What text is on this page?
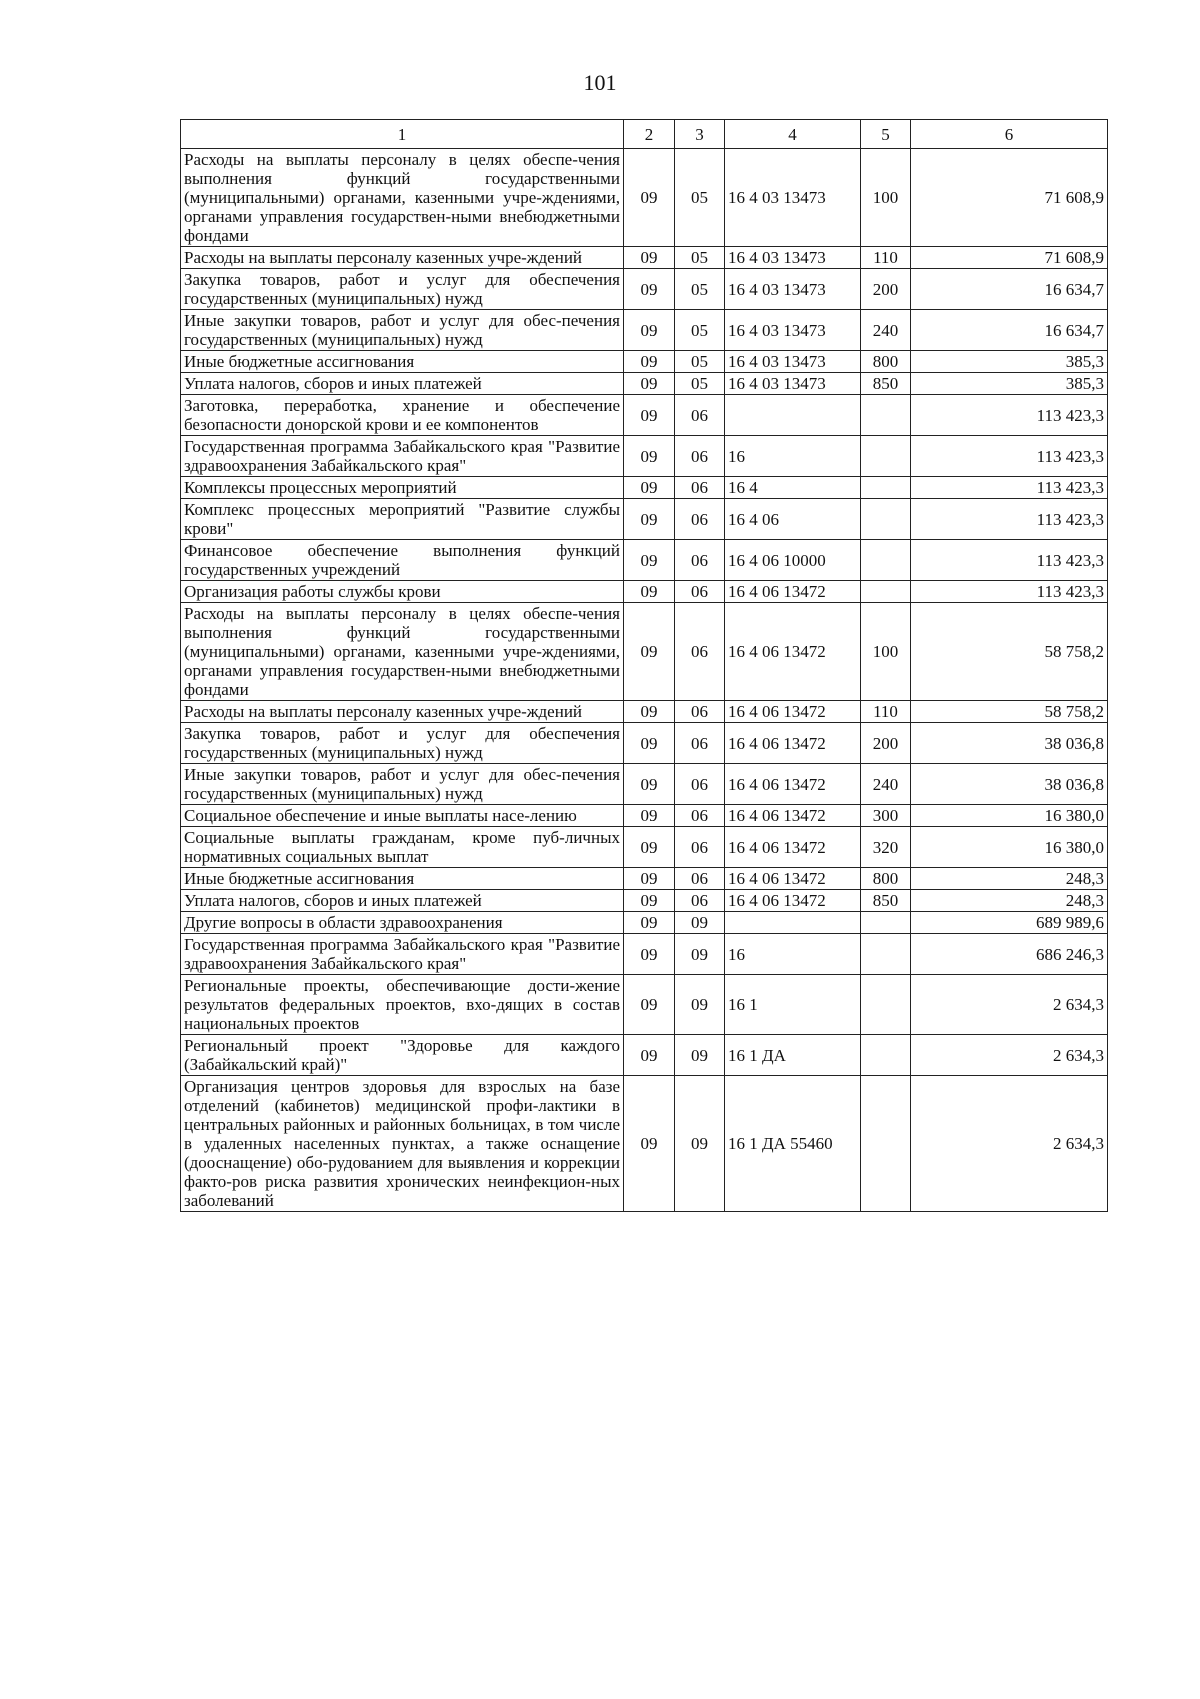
101
1	2	3	4	5	6
Расходы на выплаты персоналу в целях обеспе-чения выполнения функций государственными (муниципальными) органами, казенными учре-ждениями, органами управления государствен-ными внебюджетными фондами	09	05	16 4 03 13473	100	71 608,9
Расходы на выплаты персоналу казенных учре-ждений	09	05	16 4 03 13473	110	71 608,9
Закупка товаров, работ и услуг для обеспечения государственных (муниципальных) нужд	09	05	16 4 03 13473	200	16 634,7
Иные закупки товаров, работ и услуг для обес-печения государственных (муниципальных) нужд	09	05	16 4 03 13473	240	16 634,7
Иные бюджетные ассигнования	09	05	16 4 03 13473	800	385,3
Уплата налогов, сборов и иных платежей	09	05	16 4 03 13473	850	385,3
Заготовка, переработка, хранение и обеспечение безопасности донорской крови и ее компонентов	09	06			113 423,3
Государственная программа Забайкальского края "Развитие здравоохранения Забайкальского края"	09	06	16		113 423,3
Комплексы процессных мероприятий	09	06	16 4		113 423,3
Комплекс процессных мероприятий "Развитие службы крови"	09	06	16 4 06		113 423,3
Финансовое обеспечение выполнения функций государственных учреждений	09	06	16 4 06 10000		113 423,3
Организация работы службы крови	09	06	16 4 06 13472		113 423,3
Расходы на выплаты персоналу в целях обеспе-чения выполнения функций государственными (муниципальными) органами, казенными учре-ждениями, органами управления государствен-ными внебюджетными фондами	09	06	16 4 06 13472	100	58 758,2
Расходы на выплаты персоналу казенных учре-ждений	09	06	16 4 06 13472	110	58 758,2
Закупка товаров, работ и услуг для обеспечения государственных (муниципальных) нужд	09	06	16 4 06 13472	200	38 036,8
Иные закупки товаров, работ и услуг для обес-печения государственных (муниципальных) нужд	09	06	16 4 06 13472	240	38 036,8
Социальное обеспечение и иные выплаты насе-лению	09	06	16 4 06 13472	300	16 380,0
Социальные выплаты гражданам, кроме пуб-личных нормативных социальных выплат	09	06	16 4 06 13472	320	16 380,0
Иные бюджетные ассигнования	09	06	16 4 06 13472	800	248,3
Уплата налогов, сборов и иных платежей	09	06	16 4 06 13472	850	248,3
Другие вопросы в области здравоохранения	09	09			689 989,6
Государственная программа Забайкальского края "Развитие здравоохранения Забайкальского края"	09	09	16		686 246,3
Региональные проекты, обеспечивающие дости-жение результатов федеральных проектов, вхо-дящих в состав национальных проектов	09	09	16 1		2 634,3
Региональный проект "Здоровье для каждого (Забайкальский край)"	09	09	16 1 ДА		2 634,3
Организация центров здоровья для взрослых на базе отделений (кабинетов) медицинской профи-лактики в центральных районных и районных больницах, в том числе в удаленных населенных пунктах, а также оснащение (дооснащение) обо-рудованием для выявления и коррекции факто-ров риска развития хронических неинфекцион-ных заболеваний	09	09	16 1 ДА 55460		2 634,3
